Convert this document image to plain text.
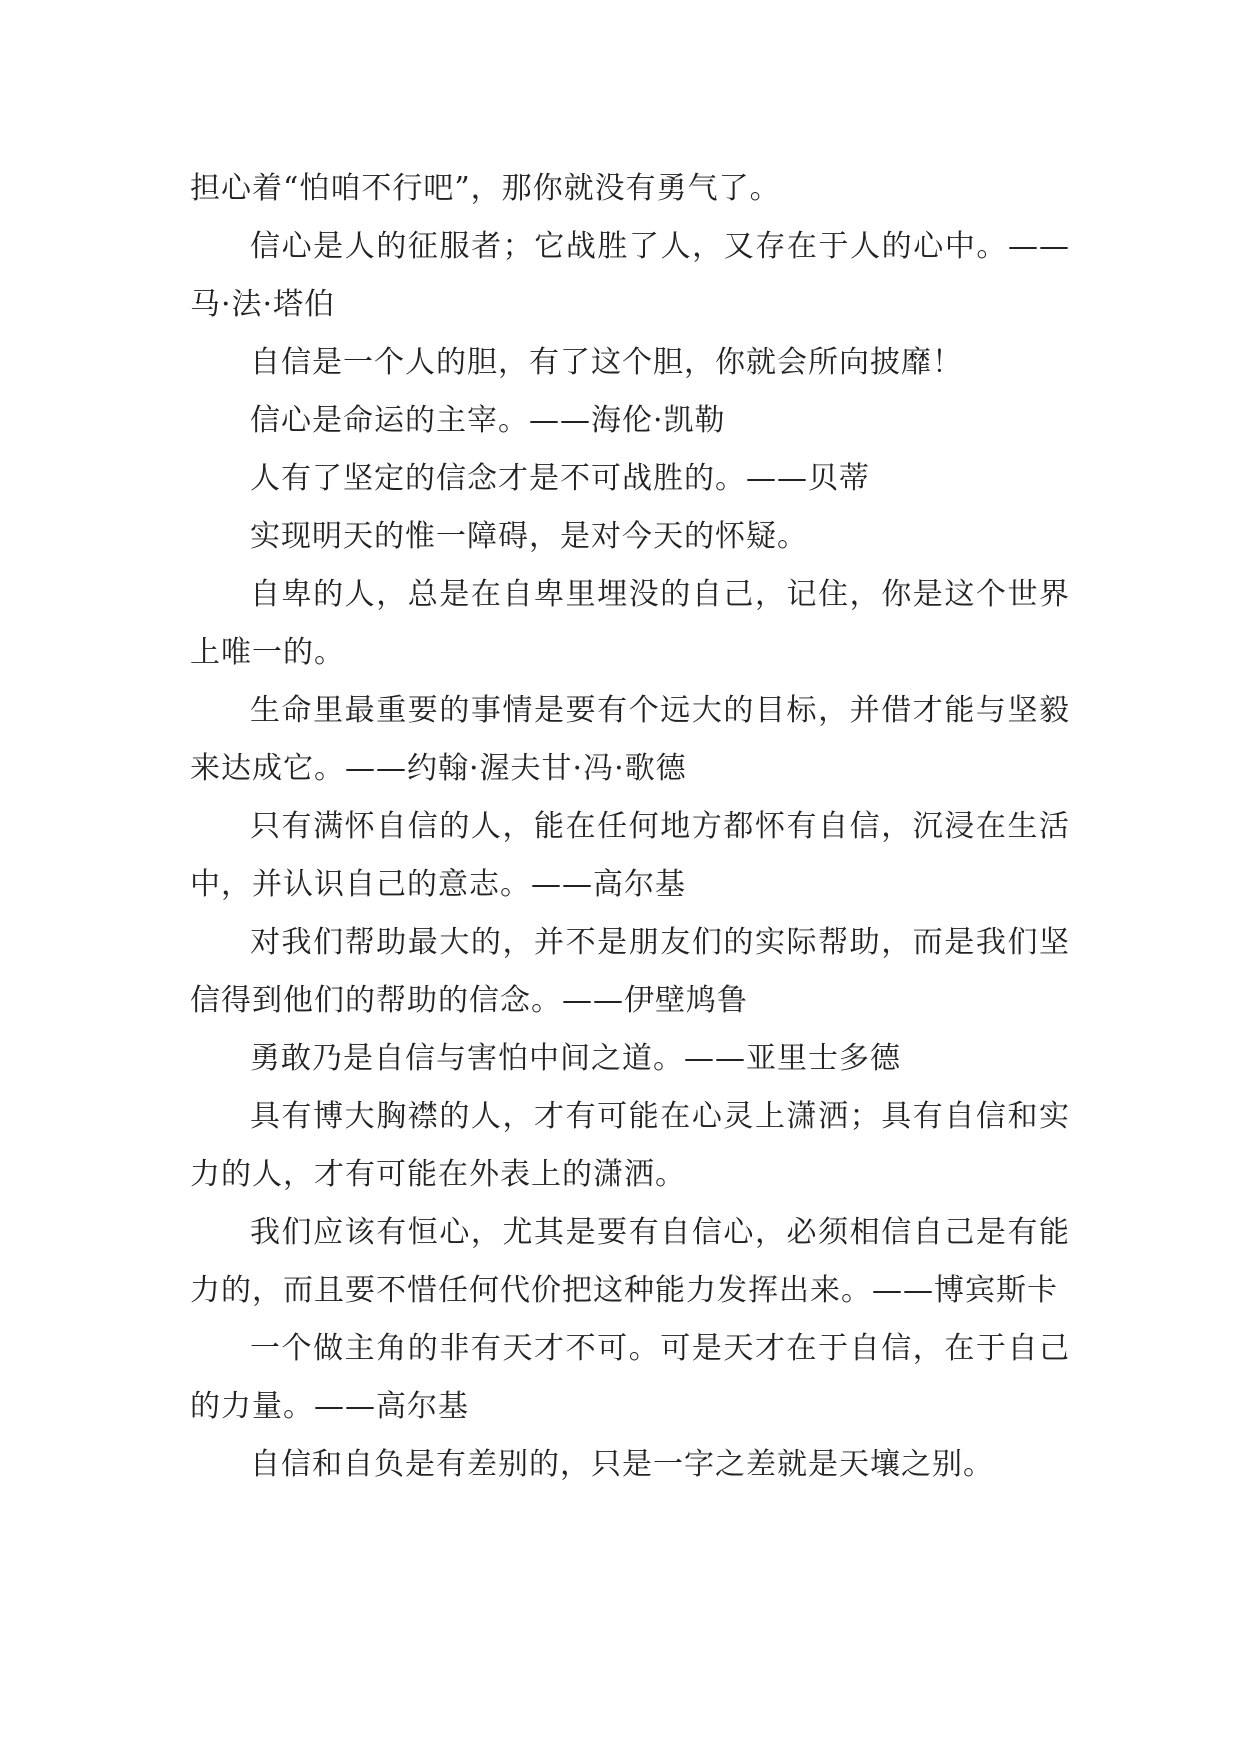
担心着“怕咱不行吧”，那你就没有勇气了。

信心是人的征服者；它战胜了人，又存在于人的心中。——马·法·塔伯

自信是一个人的胆，有了这个胆，你就会所向披靡！

信心是命运的主宰。——海伦·凯勒

人有了坚定的信念才是不可战胜的。——贝蒂

实现明天的惟一障碍，是对今天的怀疑。

自卑的人，总是在自卑里埋没的自己，记住，你是这个世界上唯一的。

生命里最重要的事情是要有个远大的目标，并借才能与坚毅来达成它。——约翰·渥夫甘·冯·歌德

只有满怀自信的人，能在任何地方都怀有自信，沉浸在生活中，并认识自己的意志。——高尔基

对我们帮助最大的，并不是朋友们的实际帮助，而是我们坚信得到他们的帮助的信念。——伊壁鸠鲁

勇敢乃是自信与害怕中间之道。——亚里士多德

具有博大胸襟的人，才有可能在心灵上潇洒；具有自信和实力的人，才有可能在外表上的潇洒。

我们应该有恒心，尤其是要有自信心，必须相信自己是有能力的，而且要不惜任何代价把这种能力发挥出来。——博宾斯卡

一个做主角的非有天才不可。可是天才在于自信，在于自己的力量。——高尔基

自信和自负是有差别的，只是一字之差就是天壤之别。
